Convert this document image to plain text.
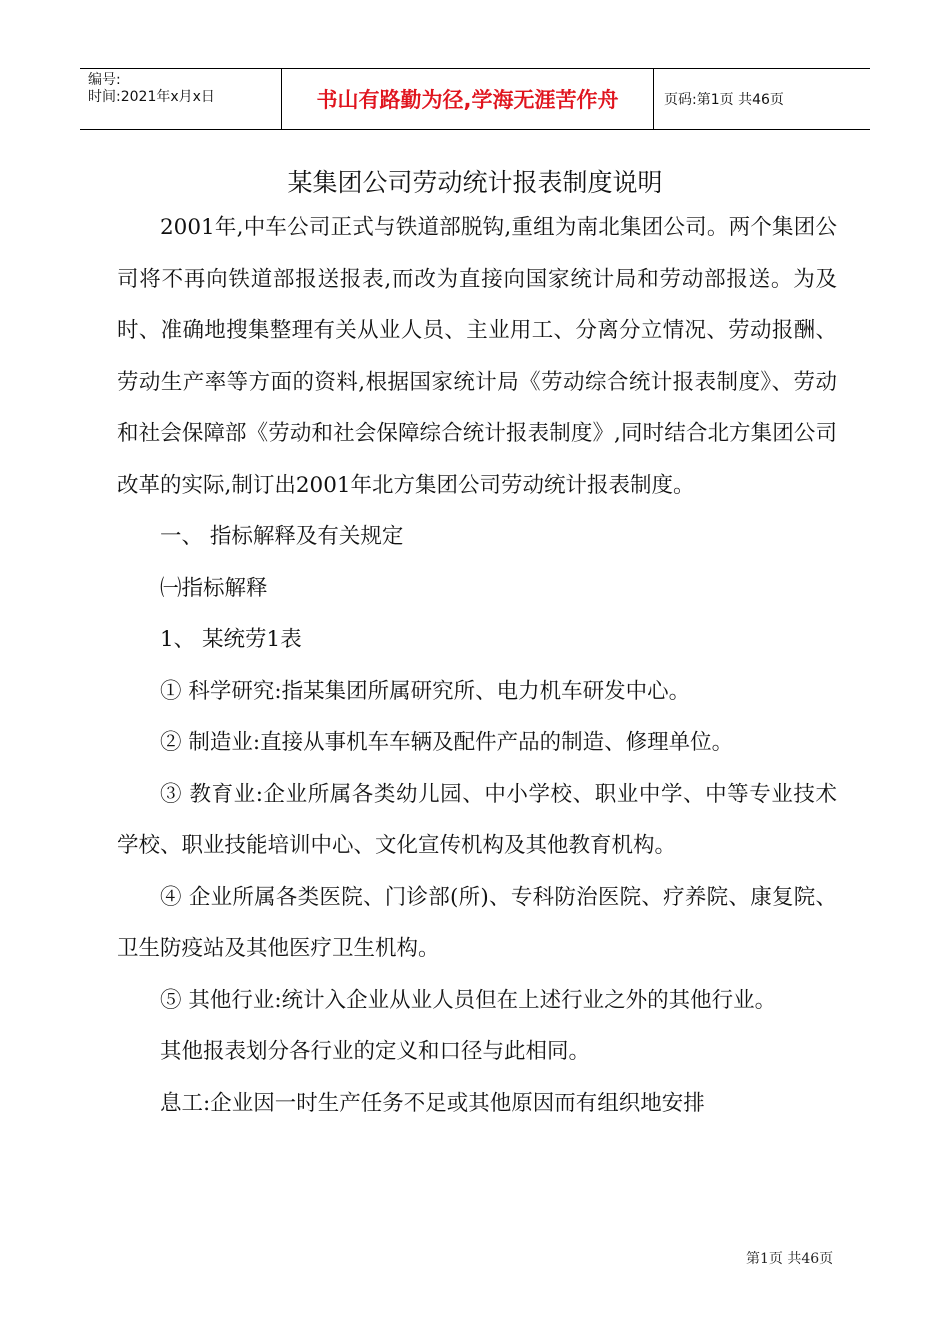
编号:
时间:2021年x月x日	书山有路勤为径,学海无涯苦作舟	页码:第1页 共46页
某集团公司劳动统计报表制度说明

2001年,中车公司正式与铁道部脱钩,重组为南北集团公司。两个集团公司将不再向铁道部报送报表,而改为直接向国家统计局和劳动部报送。为及时、准确地搜集整理有关从业人员、主业用工、分离分立情况、劳动报酬、劳动生产率等方面的资料,根据国家统计局《劳动综合统计报表制度》、劳动和社会保障部《劳动和社会保障综合统计报表制度》,同时结合北方集团公司改革的实际,制订出2001年北方集团公司劳动统计报表制度。

一、 指标解释及有关规定

㈠指标解释

1、 某统劳1表

① 科学研究:指某集团所属研究所、电力机车研发中心。

② 制造业:直接从事机车车辆及配件产品的制造、修理单位。

③ 教育业:企业所属各类幼儿园、中小学校、职业中学、中等专业技术学校、职业技能培训中心、文化宣传机构及其他教育机构。

④ 企业所属各类医院、门诊部(所)、专科防治医院、疗养院、康复院、卫生防疫站及其他医疗卫生机构。

⑤ 其他行业:统计入企业从业人员但在上述行业之外的其他行业。

其他报表划分各行业的定义和口径与此相同。

息工:企业因一时生产任务不足或其他原因而有组织地安排

第1页 共46页
